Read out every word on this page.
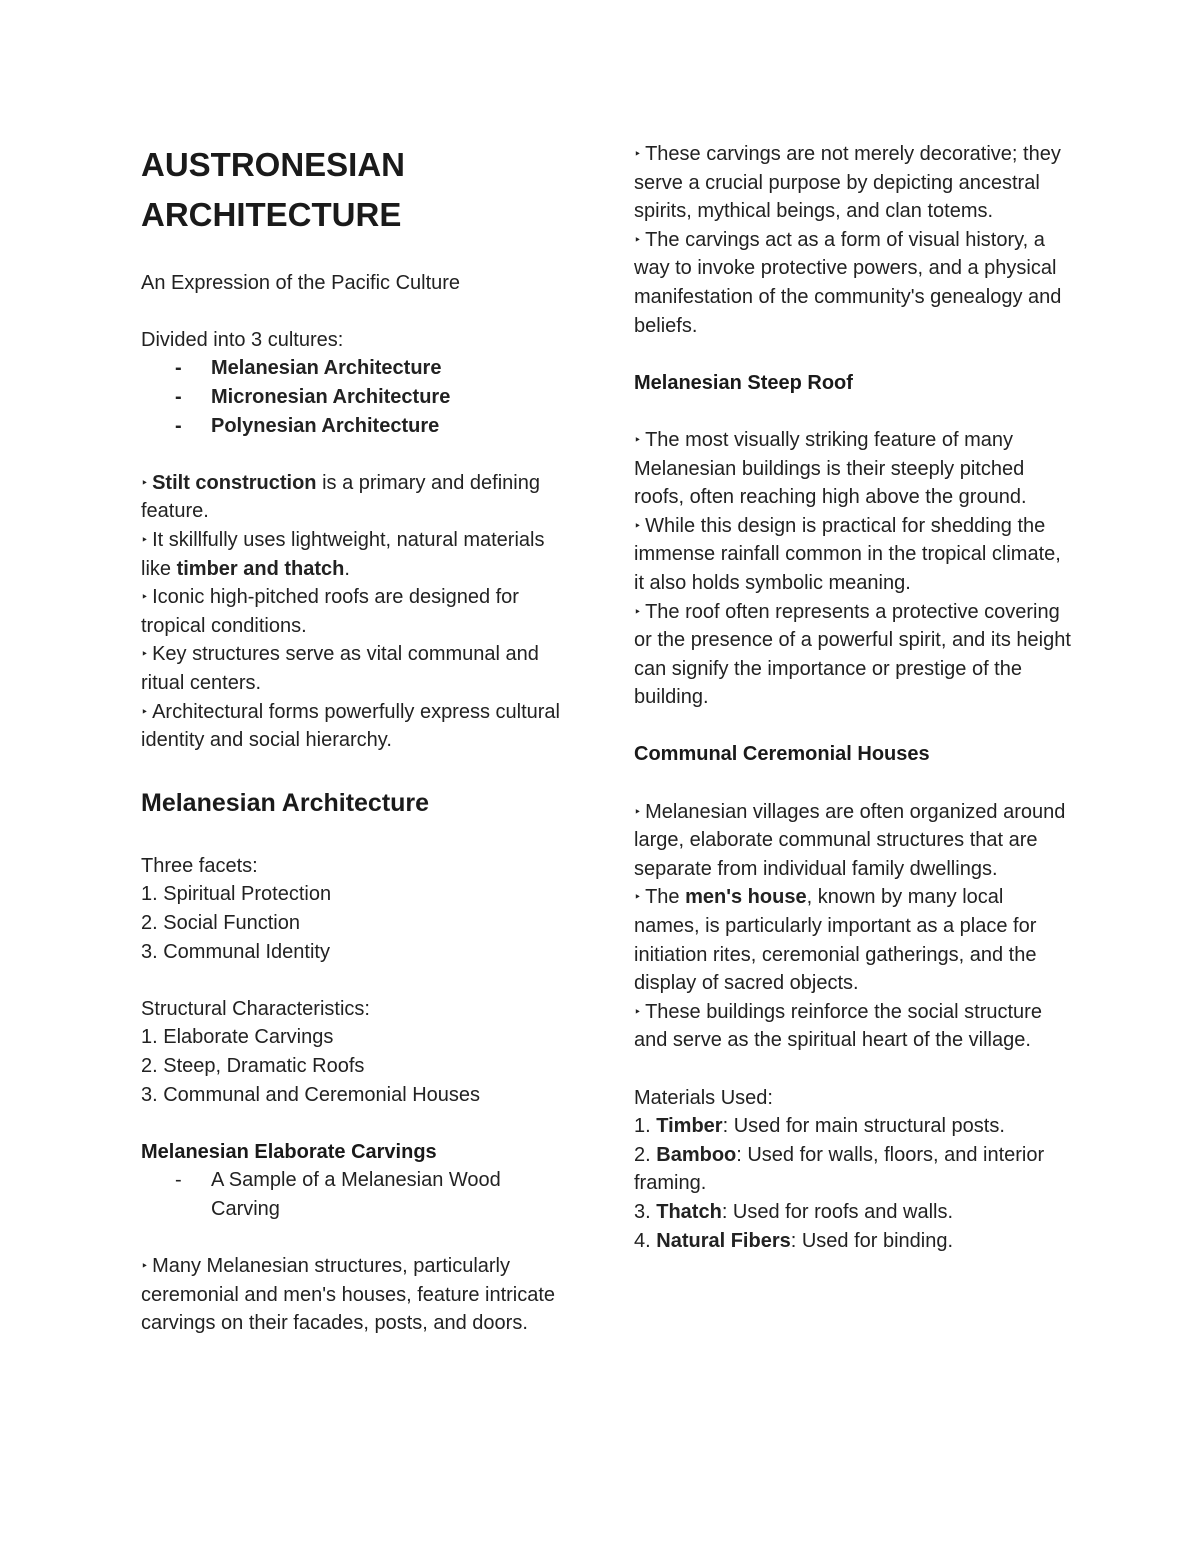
AUSTRONESIAN ARCHITECTURE

An Expression of the Pacific Culture

Divided into 3 cultures:

- Melanesian Architecture
- Micronesian Architecture
- Polynesian Architecture

‣ Stilt construction is a primary and defining feature.

‣ It skillfully uses lightweight, natural materials like timber and thatch.

‣ Iconic high-pitched roofs are designed for tropical conditions.

‣ Key structures serve as vital communal and ritual centers.

‣ Architectural forms powerfully express cultural identity and social hierarchy.

Melanesian Architecture

Three facets:

1. Spiritual Protection

2. Social Function

3. Communal Identity

Structural Characteristics:

1. Elaborate Carvings

2. Steep, Dramatic Roofs

3. Communal and Ceremonial Houses

Melanesian Elaborate Carvings
- A Sample of a Melanesian Wood Carving

‣ Many Melanesian structures, particularly ceremonial and men's houses, feature intricate carvings on their facades, posts, and doors.

‣ These carvings are not merely decorative; they serve a crucial purpose by depicting ancestral spirits, mythical beings, and clan totems.

‣ The carvings act as a form of visual history, a way to invoke protective powers, and a physical manifestation of the community's genealogy and beliefs.

Melanesian Steep Roof

‣ The most visually striking feature of many Melanesian buildings is their steeply pitched roofs, often reaching high above the ground.

‣ While this design is practical for shedding the immense rainfall common in the tropical climate, it also holds symbolic meaning.

‣ The roof often represents a protective covering or the presence of a powerful spirit, and its height can signify the importance or prestige of the building.

Communal Ceremonial Houses

‣ Melanesian villages are often organized around large, elaborate communal structures that are separate from individual family dwellings.

‣ The men's house, known by many local names, is particularly important as a place for initiation rites, ceremonial gatherings, and the display of sacred objects.

‣ These buildings reinforce the social structure and serve as the spiritual heart of the village.

Materials Used:

1. Timber: Used for main structural posts.

2. Bamboo: Used for walls, floors, and interior framing.

3. Thatch: Used for roofs and walls.

4. Natural Fibers: Used for binding.
